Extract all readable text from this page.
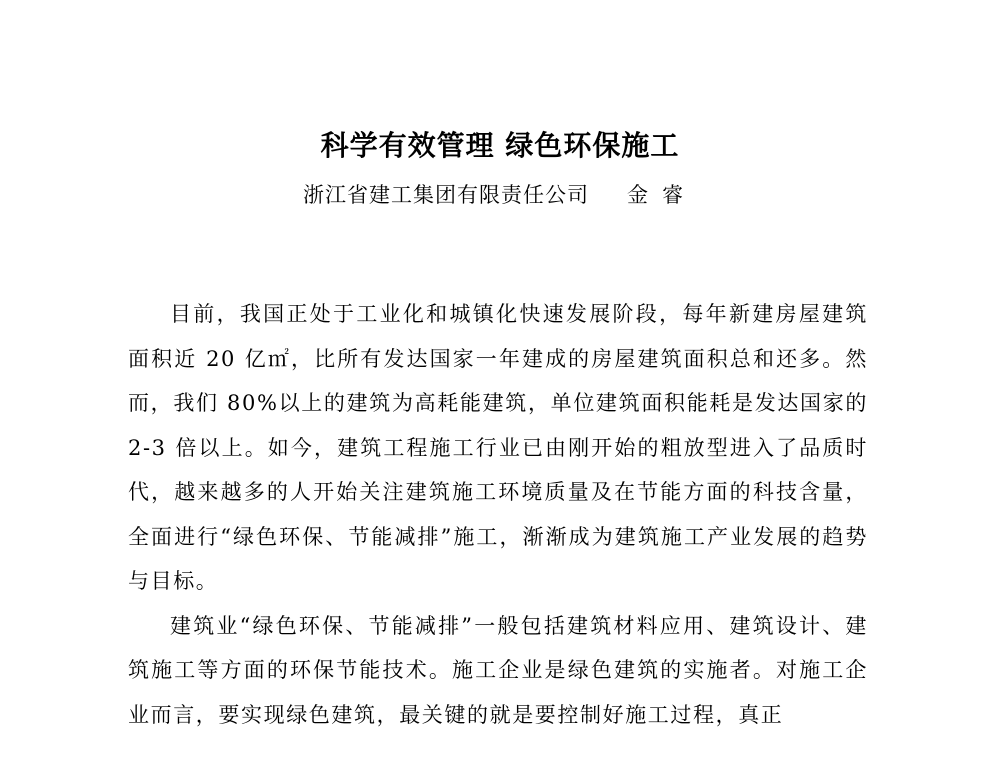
科学有效管理 绿色环保施工
浙江省建工集团有限责任公司 金睿

目前，我国正处于工业化和城镇化快速发展阶段，每年新建房屋建筑面积近 20 亿㎡，比所有发达国家一年建成的房屋建筑面积总和还多。然而，我们 80%以上的建筑为高耗能建筑，单位建筑面积能耗是发达国家的 2-3 倍以上。如今，建筑工程施工行业已由刚开始的粗放型进入了品质时代，越来越多的人开始关注建筑施工环境质量及在节能方面的科技含量，全面进行“绿色环保、节能减排”施工，渐渐成为建筑施工产业发展的趋势与目标。

建筑业“绿色环保、节能减排”一般包括建筑材料应用、建筑设计、建筑施工等方面的环保节能技术。施工企业是绿色建筑的实施者。对施工企业而言，要实现绿色建筑，最关键的就是要控制好施工过程，真正
